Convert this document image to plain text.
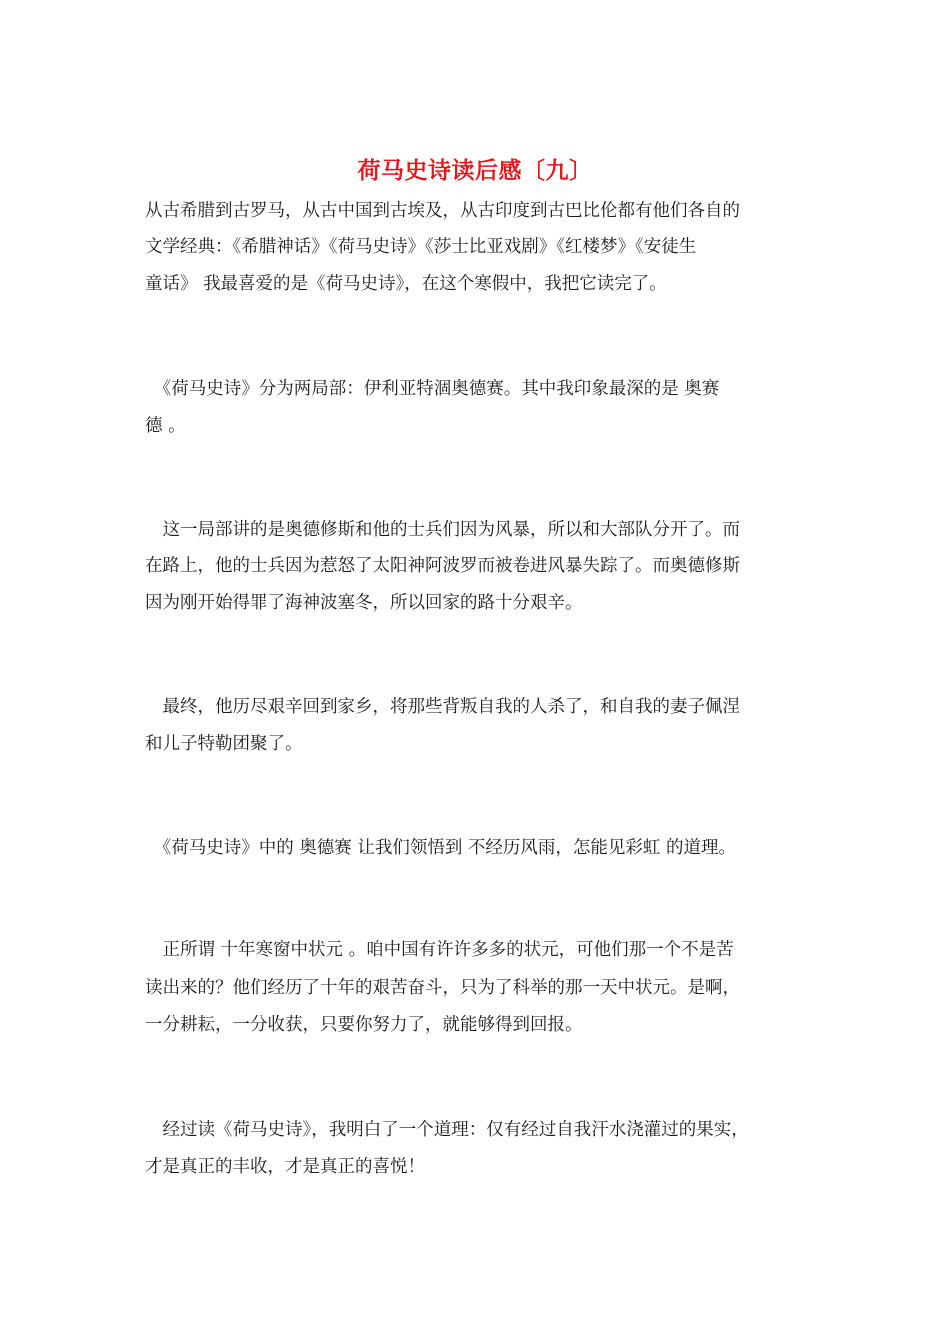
荷马史诗读后感〔九〕
从古希腊到古罗马，从古中国到古埃及，从古印度到古巴比伦都有他们各自的
文学经典：《希腊神话》《荷马史诗》《莎士比亚戏剧》《红楼梦》《安徒生
童话》 我最喜爱的是《荷马史诗》，在这个寒假中，我把它读完了。
　《荷马史诗》分为两局部：伊利亚特涸奥德赛。其中我印象最深的是 奥赛
德 。
　这一局部讲的是奥德修斯和他的士兵们因为风暴，所以和大部队分开了。而
在路上，他的士兵因为惹怒了太阳神阿波罗而被卷进风暴失踪了。而奥德修斯
因为刚开始得罪了海神波塞冬，所以回家的路十分艰辛。
　最终，他历尽艰辛回到家乡，将那些背叛自我的人杀了，和自我的妻子佩涅
和儿子特勒团聚了。
　《荷马史诗》中的 奥德赛 让我们领悟到 不经历风雨，怎能见彩虹 的道理。
　正所谓 十年寒窗中状元 。咱中国有许许多多的状元，可他们那一个不是苦
读出来的？他们经历了十年的艰苦奋斗，只为了科举的那一天中状元。是啊，
一分耕耘，一分收获，只要你努力了，就能够得到回报。
　经过读《荷马史诗》，我明白了一个道理：仅有经过自我汗水浇灌过的果实，
才是真正的丰收，才是真正的喜悦！
